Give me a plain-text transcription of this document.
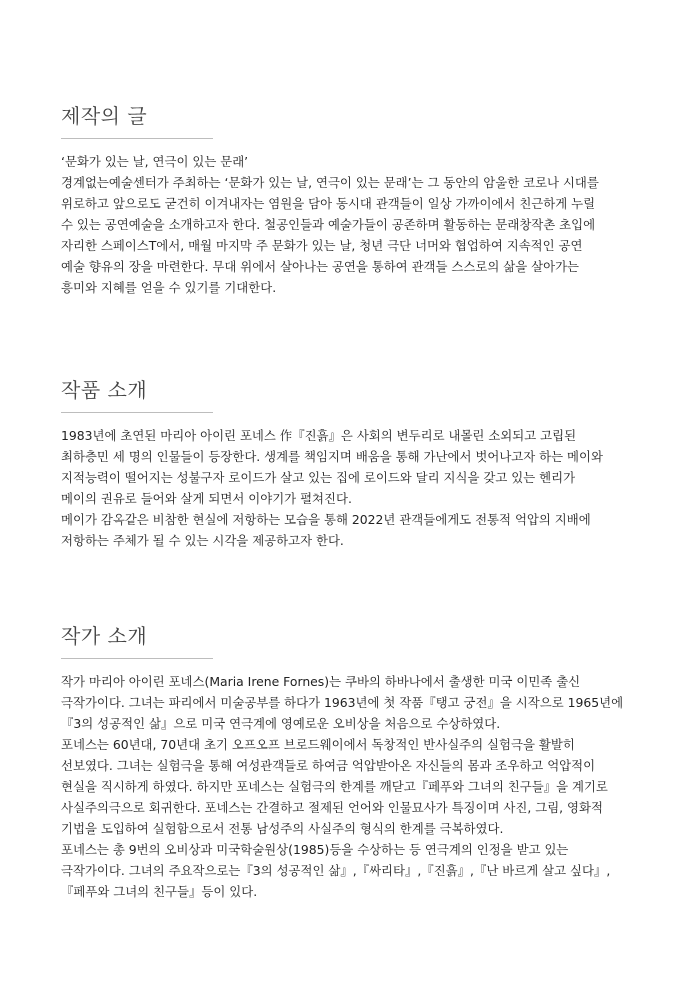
제작의 글

‘문화가 있는 날, 연극이 있는 문래’
경계없는예술센터가 주최하는 ‘문화가 있는 날, 연극이 있는 문래’는 그 동안의 암울한 코로나 시대를
위로하고 앞으로도 굳건히 이겨내자는 염원을 담아 동시대 관객들이 일상 가까이에서 친근하게 누릴
수 있는 공연예술을 소개하고자 한다. 철공인들과 예술가들이 공존하며 활동하는 문래창작촌 초입에
자리한 스페이스T에서, 매월 마지막 주 문화가 있는 날, 청년 극단 너머와 협업하여 지속적인 공연
예술 향유의 장을 마련한다. 무대 위에서 살아나는 공연을 통하여 관객들 스스로의 삶을 살아가는
흥미와 지혜를 얻을 수 있기를 기대한다.

작품 소개

1983년에 초연된 마리아 아이린 포네스 作『진흙』은 사회의 변두리로 내몰린 소외되고 고립된
최하층민 세 명의 인물들이 등장한다. 생계를 책임지며 배움을 통해 가난에서 벗어나고자 하는 메이와
지적능력이 떨어지는 성불구자 로이드가 살고 있는 집에 로이드와 달리 지식을 갖고 있는 헨리가
메이의 권유로 들어와 살게 되면서 이야기가 펼쳐진다.
메이가 감옥같은 비참한 현실에 저항하는 모습을 통해 2022년 관객들에게도 전통적 억압의 지배에
저항하는 주체가 될 수 있는 시각을 제공하고자 한다.

작가 소개

작가 마리아 아이린 포네스(Maria Irene Fornes)는 쿠바의 하바나에서 출생한 미국 이민족 출신
극작가이다. 그녀는 파리에서 미술공부를 하다가 1963년에 첫 작품『탱고 궁전』을 시작으로 1965년에
『3의 성공적인 삶』으로 미국 연극계에 영예로운 오비상을 처음으로 수상하였다.
포네스는 60년대, 70년대 초기 오프오프 브로드웨이에서 독창적인 반사실주의 실험극을 활발히
선보였다. 그녀는 실험극을 통해 여성관객들로 하여금 억압받아온 자신들의 몸과 조우하고 억압적이
현실을 직시하게 하였다. 하지만 포네스는 실험극의 한계를 깨닫고『페푸와 그녀의 친구들』을 계기로
사실주의극으로 회귀한다. 포네스는 간결하고 절제된 언어와 인물묘사가 특징이며 사진, 그림, 영화적
기법을 도입하여 실험함으로서 전통 남성주의 사실주의 형식의 한계를 극복하였다.
포네스는 총 9번의 오비상과 미국학술원상(1985)등을 수상하는 등 연극계의 인정을 받고 있는
극작가이다. 그녀의 주요작으로는『3의 성공적인 삶』,『싸리타』,『진흙』,『난 바르게 살고 싶다』,
『페푸와 그녀의 친구들』등이 있다.
